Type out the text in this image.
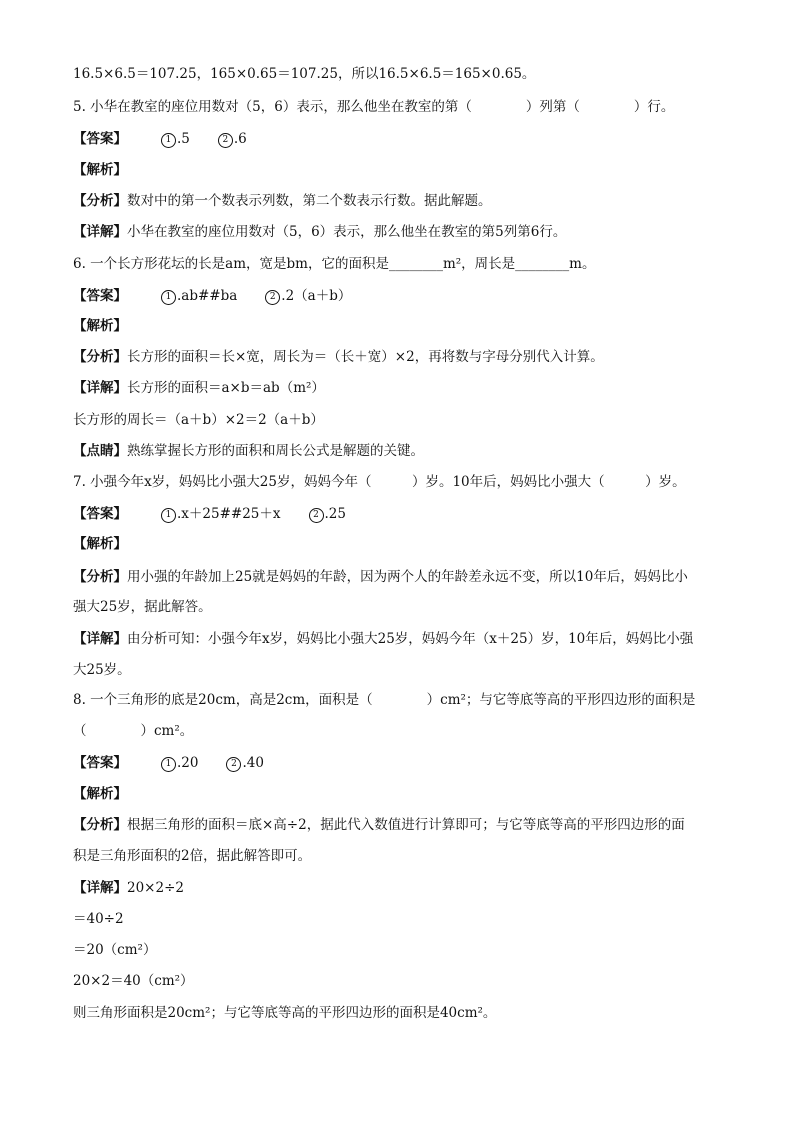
16.5×6.5＝107.25，165×0.65＝107.25，所以16.5×6.5＝165×0.65。
5. 小华在教室的座位用数对（5，6）表示，那么他坐在教室的第（　　　　）列第（　　　　）行。
【答案】	1 .5	2 .6
【解析】
【分析】数对中的第一个数表示列数，第二个数表示行数。据此解题。
【详解】小华在教室的座位用数对（5，6）表示，那么他坐在教室的第5列第6行。
6. 一个长方形花坛的长是am，宽是bm，它的面积是________m²，周长是________m。
【答案】	1 .ab##ba	2 .2（a＋b）
【解析】
【分析】长方形的面积＝长×宽，周长为＝（长＋宽）×2，再将数与字母分别代入计算。
【详解】长方形的面积＝a×b＝ab（m²）
长方形的周长＝（a＋b）×2＝2（a＋b）
【点睛】熟练掌握长方形的面积和周长公式是解题的关键。
7. 小强今年x岁，妈妈比小强大25岁，妈妈今年（　　　）岁。10年后，妈妈比小强大（　　　）岁。
【答案】	1 .x＋25##25＋x	2 .25
【解析】
【分析】用小强的年龄加上25就是妈妈的年龄，因为两个人的年龄差永远不变，所以10年后，妈妈比小
强大25岁，据此解答。
【详解】由分析可知：小强今年x岁，妈妈比小强大25岁，妈妈今年（x＋25）岁，10年后，妈妈比小强
大25岁。
8. 一个三角形的底是20cm，高是2cm，面积是（　　　　）cm²；与它等底等高的平形四边形的面积是
（　　　　）cm²。
【答案】	1 .20	2 .40
【解析】
【分析】根据三角形的面积＝底×高÷2，据此代入数值进行计算即可；与它等底等高的平形四边形的面
积是三角形面积的2倍，据此解答即可。
【详解】20×2÷2
＝40÷2
＝20（cm²）
20×2＝40（cm²）
则三角形面积是20cm²；与它等底等高的平形四边形的面积是40cm²。
